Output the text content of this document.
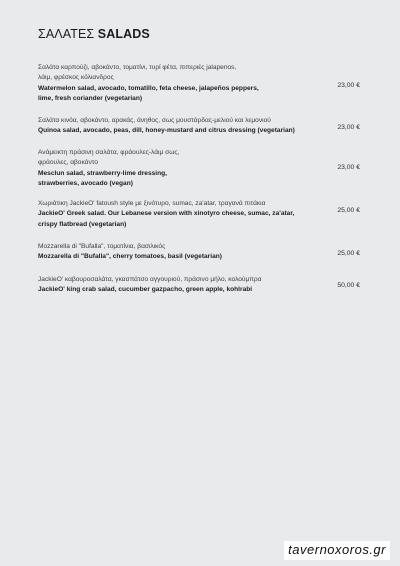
ΣΑΛΑΤΕΣ SALADS
Σαλάτα καρπούζι, αβοκάντο, τοματίνι, τυρί φέτα, πιπεριές jalapenos,
λάιμ, φρέσκος κόλιανδρος
Watermelon salad, avocado, tomatillo, feta cheese, jalapeños peppers,
lime, fresh coriander (vegetarian)
23,00 €
Σαλάτα κινόα, αβοκάντο, αρακάς, άνηθος, σως μουστάρδας-μελιού και λεμονιού
Quinoa salad, avocado, peas, dill, honey-mustard and citrus dressing (vegetarian)	23,00 €
Ανάμεικτη πράσινη σαλάτα, φράουλες-λάιμ σως,
φράουλες, αβοκάντο
Mesclun salad, strawberry-lime dressing,
strawberries, avocado (vegan)
23,00 €
Χωριάτικη JackieO' fatoush style με ξινότυρο, sumac, za'atar, τραγανά πιτάκια
JackieO' Greek salad. Our Lebanese version with xinotyro cheese, sumac, za'atar,
crispy flatbread (vegetarian)
25,00 €
Mozzarella di "Bufalla", τοματίνια, βασιλικός
Mozzarella di "Bufalla", cherry tomatoes, basil (vegetarian)	25,00 €
JackieO' καβουροσαλάτα, γκασπάτσο αγγουριού, πράσινο μήλο, κολούμπρα
JackieO' king crab salad, cucumber gazpacho, green apple, kohlrabi
50,00 €
tavernoxoros.gr
